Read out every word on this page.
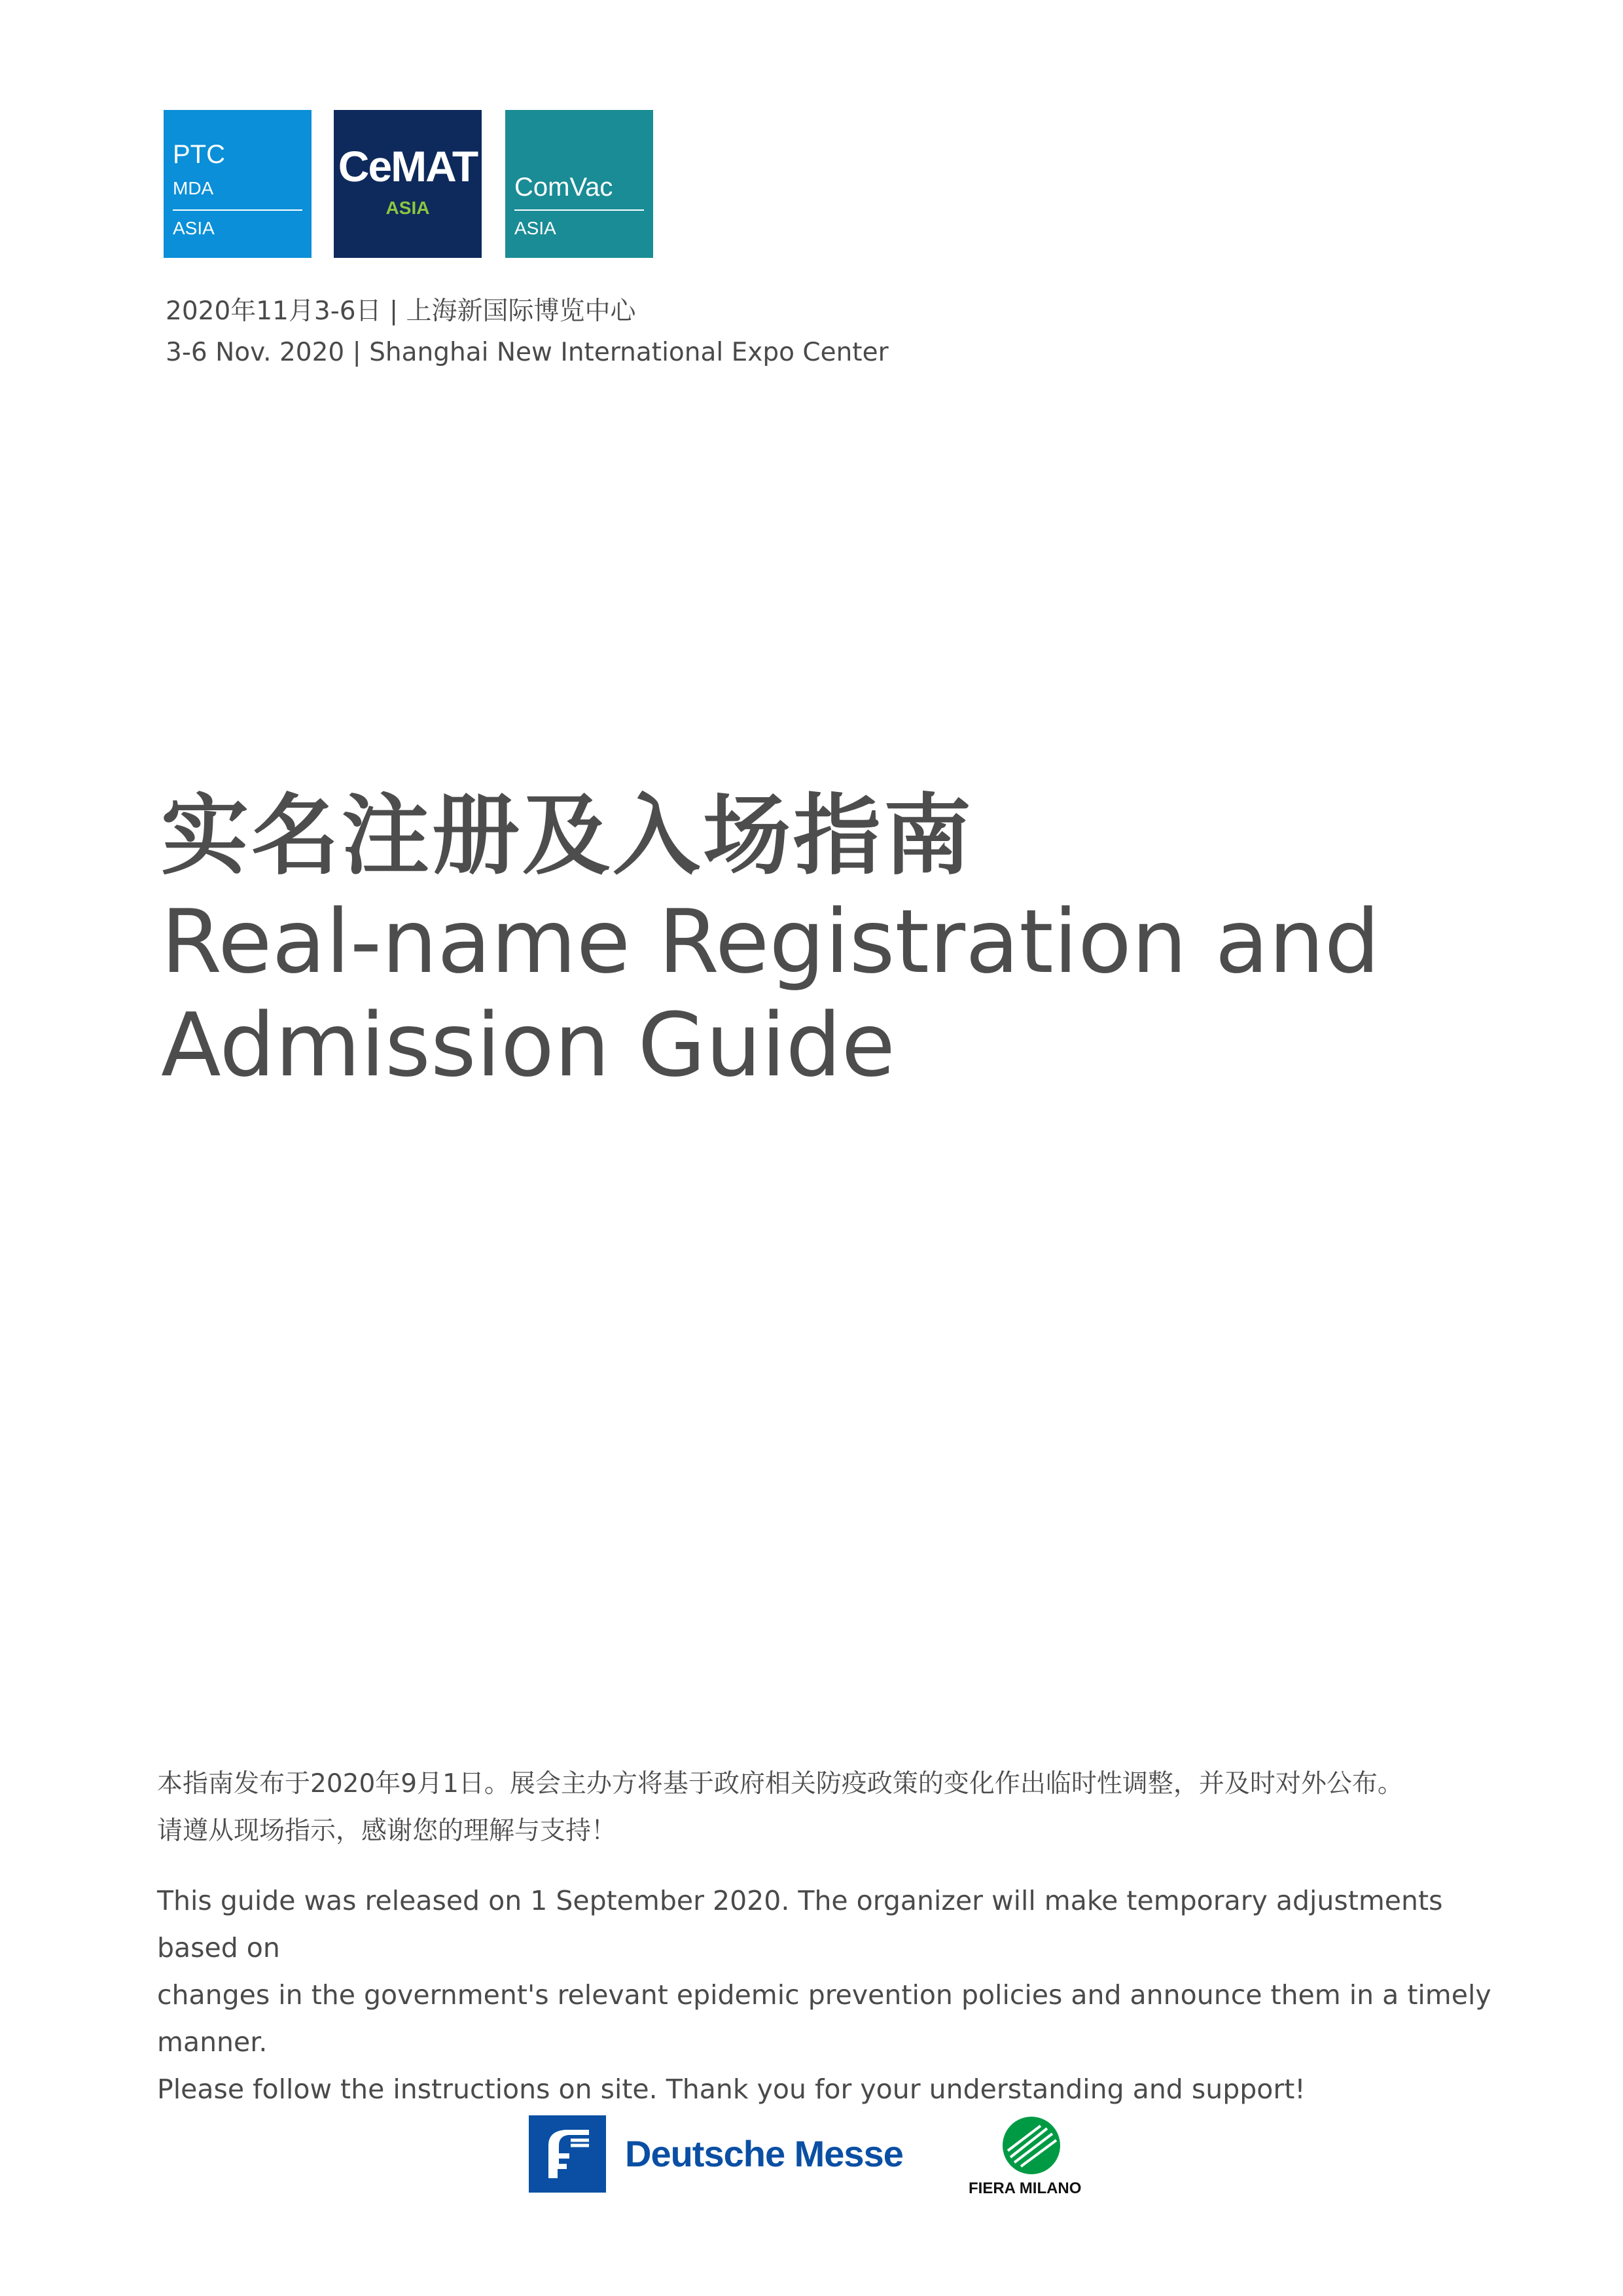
PTC
MDA
ASIA
CeMAT
ASIA
ComVac
ASIA
2020年11月3-6日 | 上海新国际博览中心
3-6 Nov. 2020 | Shanghai New International Expo Center
实名注册及入场指南
Real-name Registration and
Admission Guide
本指南发布于2020年9月1日。展会主办方将基于政府相关防疫政策的变化作出临时性调整，并及时对外公布。
请遵从现场指示，感谢您的理解与支持！
This guide was released on 1 September 2020. The organizer will make temporary adjustments based on
changes in the government's relevant epidemic prevention policies and announce them in a timely manner.
Please follow the instructions on site. Thank you for your understanding and support!
Deutsche Messe
FIERA MILANO
